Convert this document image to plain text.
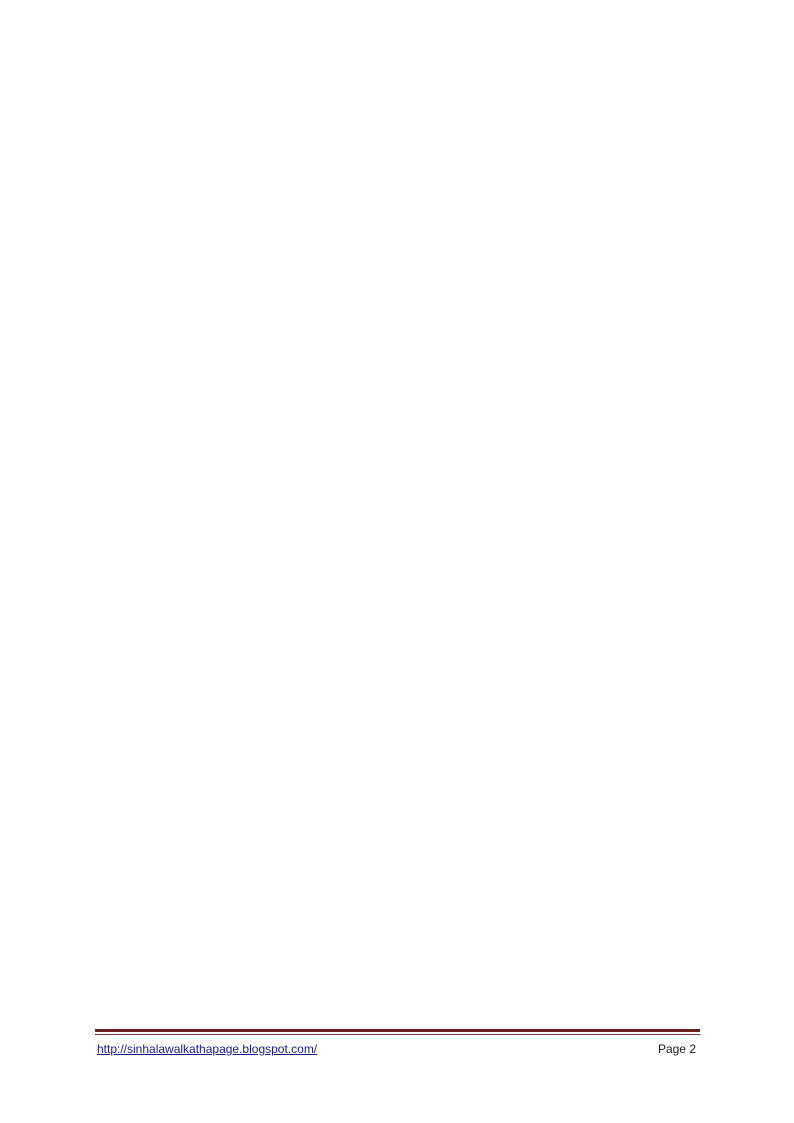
http://sinhalawalkathapage.blogspot.com/	Page 2
